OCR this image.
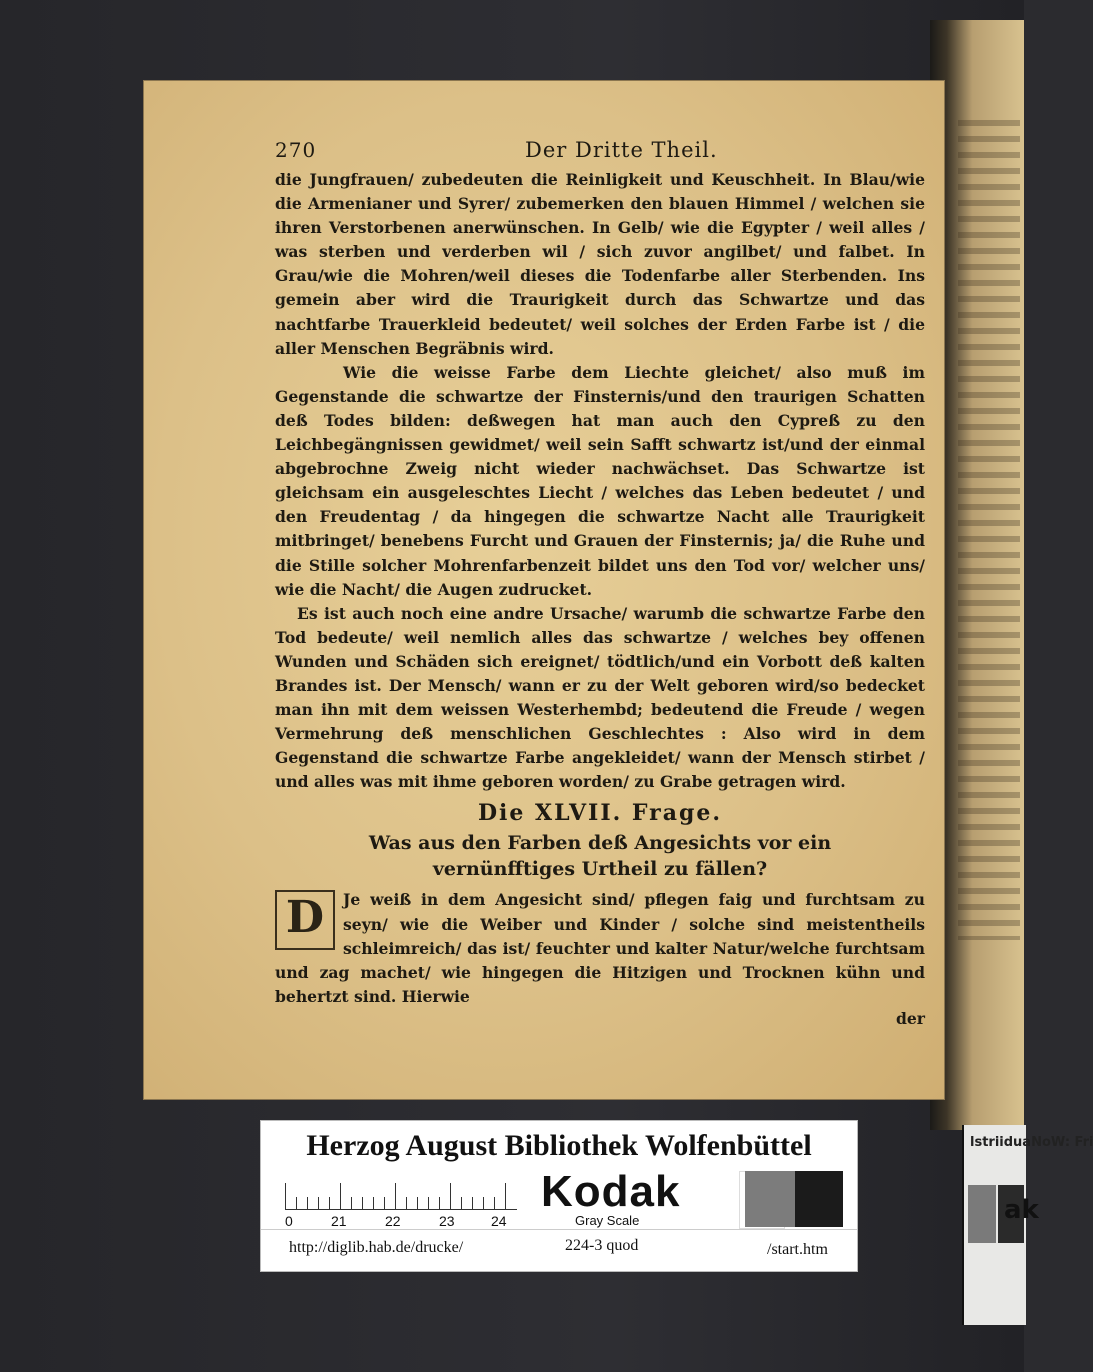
270	Der Dritte Theil.

die Jungfrauen/ zubedeuten die Reinligkeit und Keuschheit. In Blau/wie die Armenianer und Syrer/ zubemerken den blauen Himmel / welchen sie ihren Verstorbenen anerwünschen. In Gelb/ wie die Egypter / weil alles / was sterben und verderben wil / sich zuvor angilbet/ und falbet. In Grau/wie die Mohren/weil dieses die Todenfarbe aller Sterbenden. Ins gemein aber wird die Traurigkeit durch das Schwartze und das nachtfarbe Trauerkleid bedeutet/ weil solches der Erden Farbe ist / die aller Menschen Begräbnis wird.

Wie die weisse Farbe dem Liechte gleichet/ also muß im Gegenstande die schwartze der Finsternis/und den traurigen Schatten deß Todes bilden: deßwegen hat man auch den Cypreß zu den Leichbegängnissen gewidmet/ weil sein Safft schwartz ist/und der einmal abgebrochne Zweig nicht wieder nachwächset. Das Schwartze ist gleichsam ein ausgeleschtes Liecht / welches das Leben bedeutet / und den Freudentag / da hingegen die schwartze Nacht alle Traurigkeit mitbringet/ benebens Furcht und Grauen der Finsternis; ja/ die Ruhe und die Stille solcher Mohrenfarbenzeit bildet uns den Tod vor/ welcher uns/ wie die Nacht/ die Augen zudrucket.

Es ist auch noch eine andre Ursache/ warumb die schwartze Farbe den Tod bedeute/ weil nemlich alles das schwartze / welches bey offenen Wunden und Schäden sich ereignet/ tödtlich/und ein Vorbott deß kalten Brandes ist. Der Mensch/ wann er zu der Welt geboren wird/so bedecket man ihn mit dem weissen Westerhembd; bedeutend die Freude / wegen Vermehrung deß menschlichen Geschlechtes : Also wird in dem Gegenstand die schwartze Farbe angekleidet/ wann der Mensch stirbet / und alles was mit ihme geboren worden/ zu Grabe getragen wird.

Die XLVII. Frage.
Was aus den Farben deß Angesichts vor ein vernünfftiges Urtheil zu fällen?
D	Je weiß in dem Angesicht sind/ pflegen faig und furchtsam zu seyn/ wie die Weiber und Kinder / solche sind meistentheils schleimreich/ das ist/ feuchter und kalter Natur/welche furchtsam und zag machet/ wie hingegen die Hitzigen und Trocknen kühn und behertzt sind. Hierwie
der
Herzog August Bibliothek Wolfenbüttel
0	21	22	23	24
Kodak
Gray Scale
http://diglib.hab.de/drucke/	224-3 quod	/start.htm
lstriiduaNoW: Fri
ak
